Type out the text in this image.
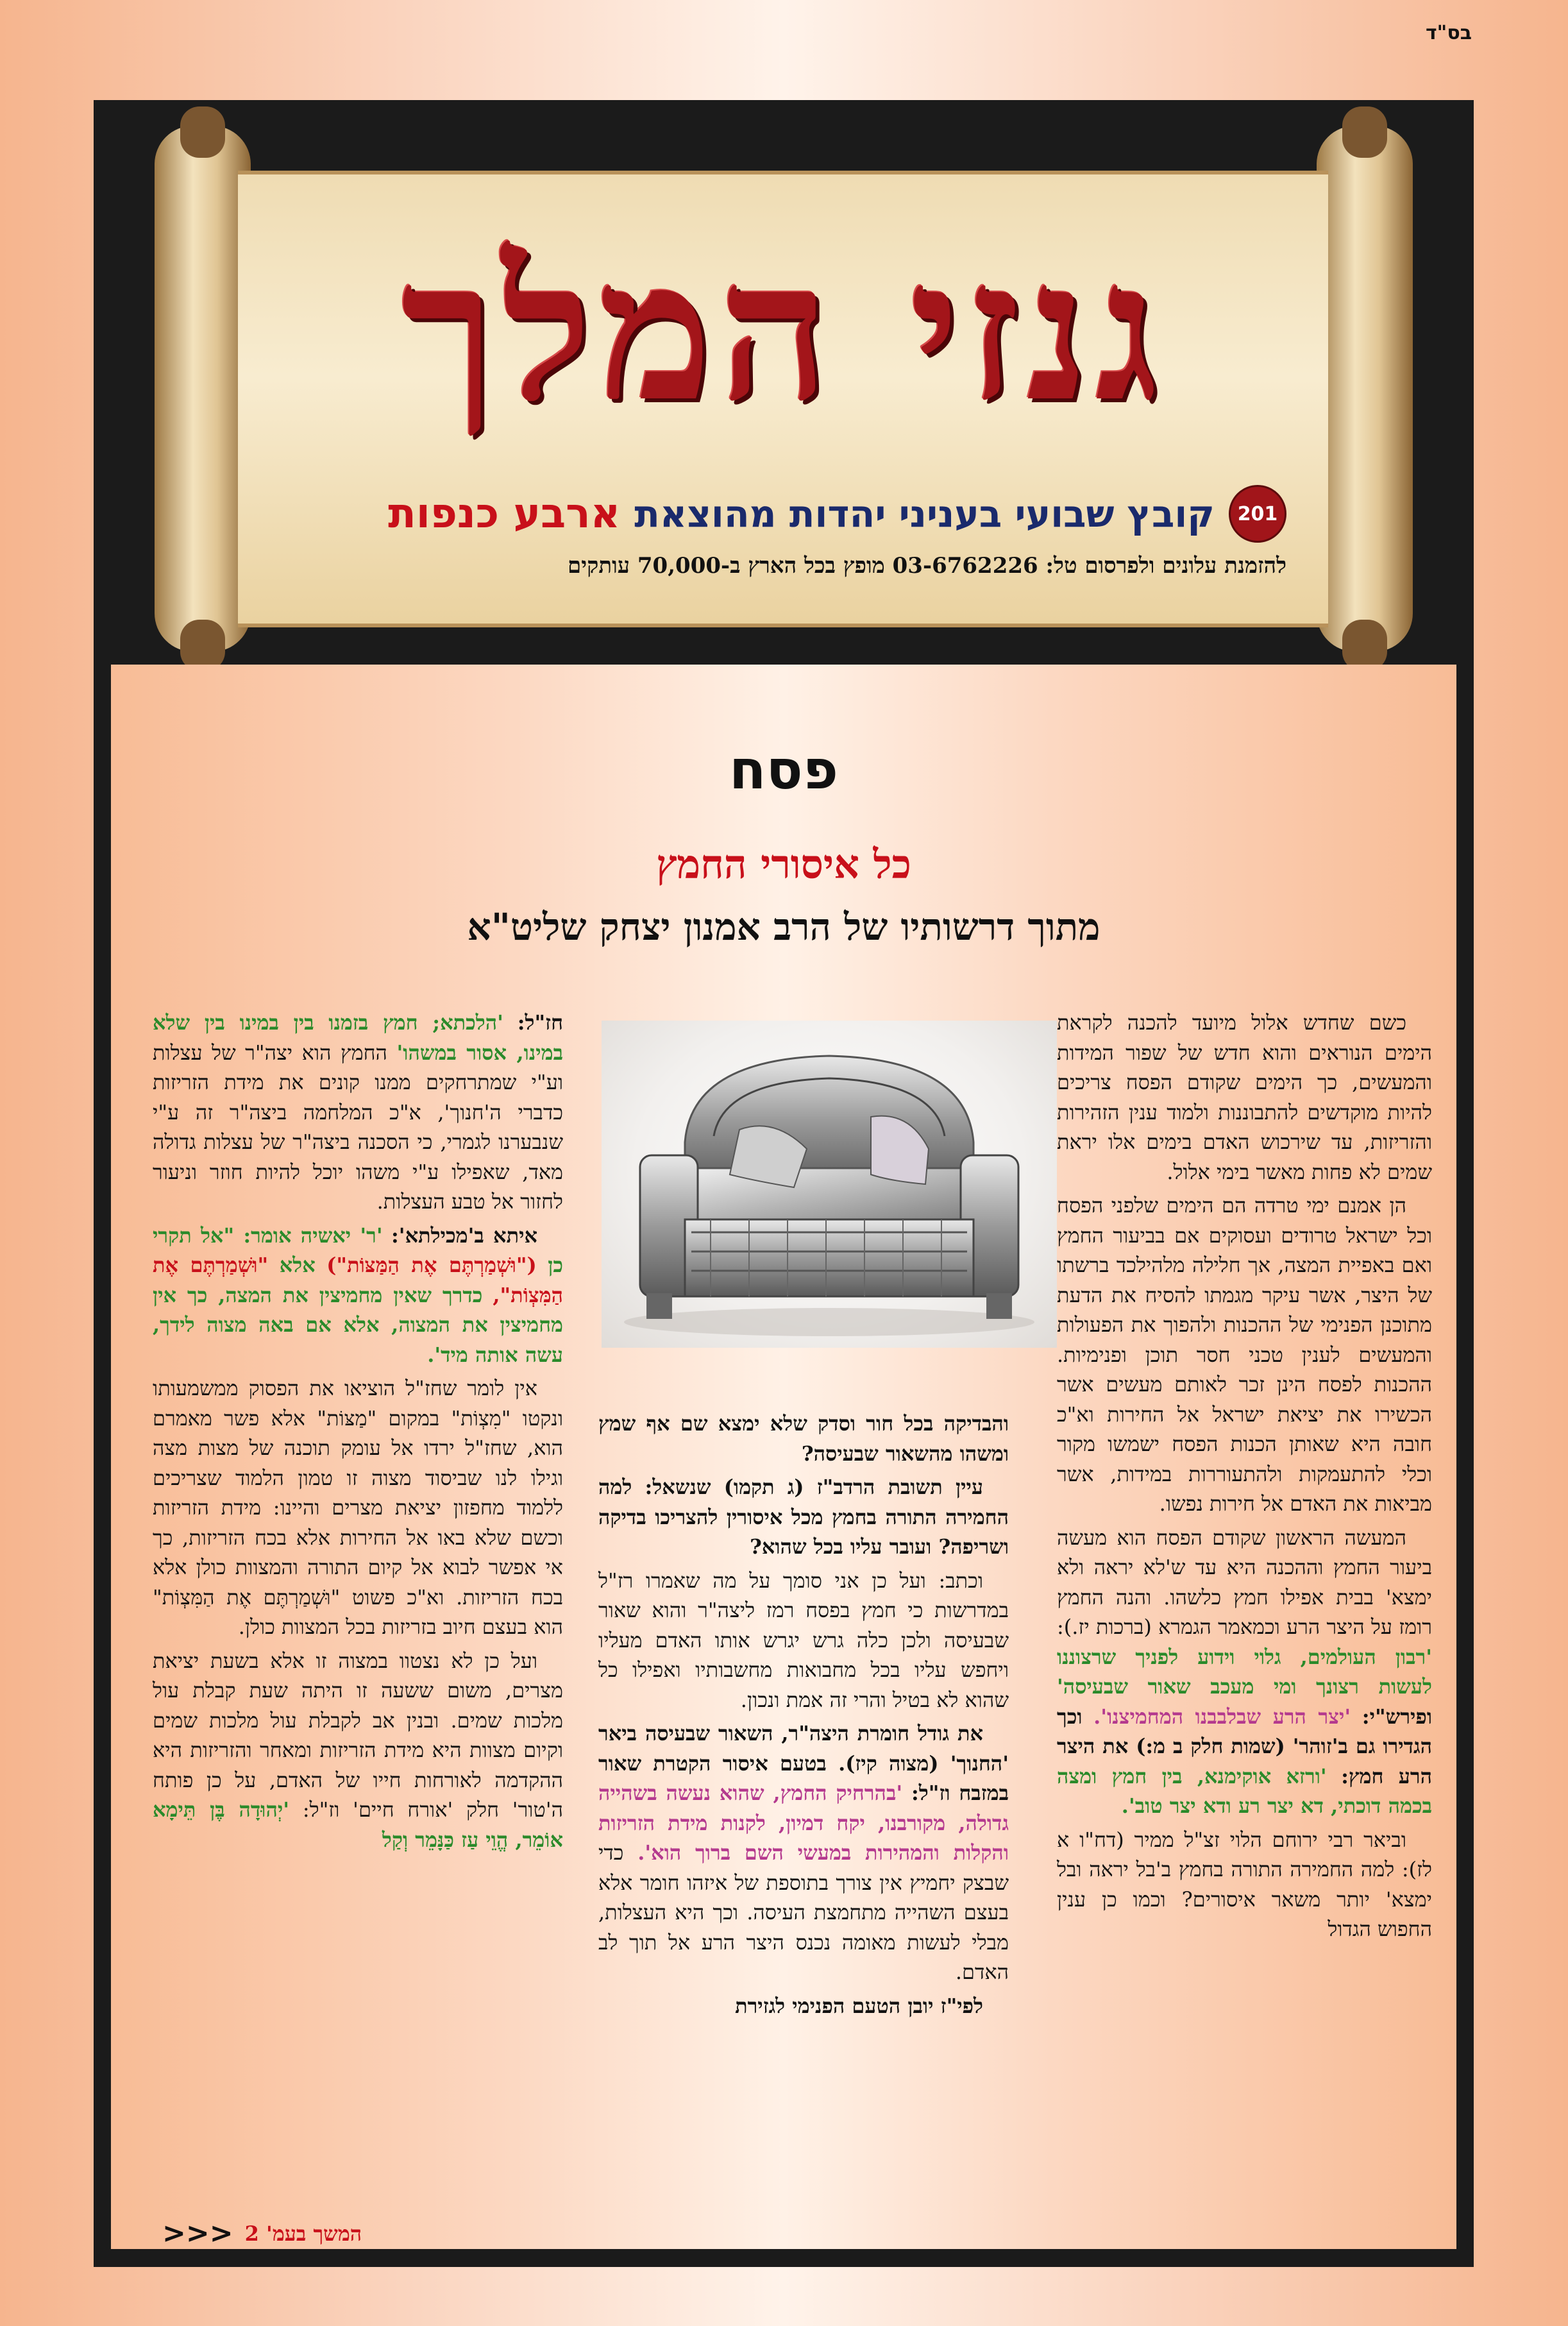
בס"ד
גנזי המלך
201
קובץ שבועי בעניני יהדות מהוצאת
ארבע כנפות
להזמנת עלונים ולפרסום טל: 03-6762226 מופץ בכל הארץ ב-70,000 עותקים
פסח
כל איסורי החמץ
מתוך דרשותיו של הרב אמנון יצחק שליט"א

כשם שחדש אלול מיועד להכנה לקראת הימים הנוראים והוא חדש של שפור המידות והמעשים, כך הימים שקודם הפסח צריכים להיות מוקדשים להתבוננות ולמוד ענין הזהירות והזריזות, עד שירכוש האדם בימים אלו יראת שמים לא פחות מאשר בימי אלול.

הן אמנם ימי טרדה הם הימים שלפני הפסח וכל ישראל טרודים ועסוקים אם בביעור החמץ ואם באפיית המצה, אך חלילה מלהילכד ברשתו של היצר, אשר עיקר מגמתו להסיח את הדעת מתוכנן הפנימי של ההכנות ולהפוך את הפעולות והמעשים לענין טכני חסר תוכן ופנימיות. ההכנות לפסח הינן זכר לאותם מעשים אשר הכשירו את יציאת ישראל אל החירות וא"כ חובה היא שאותן הכנות הפסח ישמשו מקור וכלי להתעמקות ולהתעוררות במידות, אשר מביאות את האדם אל חירות נפשו.

המעשה הראשון שקודם הפסח הוא מעשה ביעור החמץ וההכנה היא עד ש'לא יראה ולא ימצא' בבית אפילו חמץ כלשהו. והנה החמץ רומז על היצר הרע וכמאמר הגמרא (ברכות יז.): 'רבון העולמים, גלוי וידוע לפניך שרצוננו לעשות רצונך ומי מעכב שאור שבעיסה' ופירש"י: 'יצר הרע שבלבבנו המחמיצנו'. וכך הגדירו גם ב'זוהר' (שמות חלק ב מ:) את היצר הרע חמץ: 'ורזא אוקימנא, בין חמץ ומצה בכמה דוכתי, דא יצר רע ודא יצר טוב'.

וביאר רבי ירוחם הלוי זצ"ל ממיר (דח"ו א לז): למה החמירה התורה בחמץ ב'בל יראה ובל ימצא' יותר משאר איסורים? וכמו כן ענין החפוש הגדול

והבדיקה בכל חור וסדק שלא ימצא שם אף שמץ ומשהו מהשאור שבעיסה?

עיין תשובת הרדב"ז (ג תקמו) שנשאל: למה החמירה התורה בחמץ מכל איסורין להצריכו בדיקה ושריפה? ועובר עליו בכל שהוא?

וכתב: ועל כן אני סומך על מה שאמרו רז"ל במדרשות כי חמץ בפסח רמז ליצה"ר והוא שאור שבעיסה ולכן כלה גרש יגרש אותו האדם מעליו ויחפש עליו בכל מחבואות מחשבותיו ואפילו כל שהוא לא בטיל והרי זה אמת ונכון.

את גודל חומרת היצה"ר, השאור שבעיסה ביאר 'החנוך' (מצוה קיז). בטעם איסור הקטרת שאור במזבח וז"ל: 'בהרחיק החמץ, שהוא נעשה בשהייה גדולה, מקורבנו, יקח דמיון, לקנות מידת הזריזות והקלות והמהירות במעשי השם ברוך הוא'. כדי שבצק יחמיץ אין צורך בתוספת של איזהו חומר אלא בעצם השהייה מתחמצת העיסה. וכך היא העצלות, מבלי לעשות מאומה נכנס היצר הרע אל תוך לב האדם.

לפי"ז יובן הטעם הפנימי לגזירת

חז"ל: 'הלכתא; חמץ בזמנו בין במינו בין שלא במינו, אסור במשהו' החמץ הוא יצה"ר של עצלות וע"י שמתרחקים ממנו קונים את מידת הזריזות כדברי ה'חנוך', א"כ המלחמה ביצה"ר זה ע"י שנבערנו לגמרי, כי הסכנה ביצה"ר של עצלות גדולה מאד, שאפילו ע"י משהו יוכל להיות חוזר וניעור לחזור אל טבע העצלות.

איתא ב'מכילתא': 'ר' יאשיה אומר: "אל תקרי כן ("וּשְׁמַרְתֶּם אֶת הַמַּצּוֹת") אלא "וּשְׁמַרְתֶּם אֶת הַמִּצְוֹת", כדרך שאין מחמיצין את המצה, כך אין מחמיצין את המצוה, אלא אם באה מצוה לידך, עשה אותה מיד'.

אין לומר שחז"ל הוציאו את הפסוק ממשמעותו ונקטו "מִצְוֹת" במקום "מַצּוֹת" אלא פשר מאמרם הוא, שחז"ל ירדו אל עומק תוכנה של מצות מצה וגילו לנו שביסוד מצוה זו טמון הלמוד שצריכים ללמוד מחפזון יציאת מצרים והיינו: מידת הזריזות וכשם שלא באו אל החירות אלא בכח הזריזות, כך אי אפשר לבוא אל קיום התורה והמצוות כולן אלא בכח הזריזות. וא"כ פשוט "וּשְׁמַרְתֶּם אֶת הַמִּצְוֹת" הוא בעצם חיוב בזריזות בכל המצוות כולן.

ועל כן לא נצטוו במצוה זו אלא בשעת יציאת מצרים, משום ששעה זו היתה שעת קבלת עול מלכות שמים. ובנין אב לקבלת עול מלכות שמים וקיום מצוות היא מידת הזריזות ומאחר והזריזות היא ההקדמה לאורחות חייו של האדם, על כן פותח ה'טור' חלק 'אורח חיים' וז"ל: 'יְהוּדָה בֶּן תֵּימָא אוֹמֵר, הֱוֵי עַז כַּנָּמֵר וְקַל

המשך בעמ' 2
<<<
